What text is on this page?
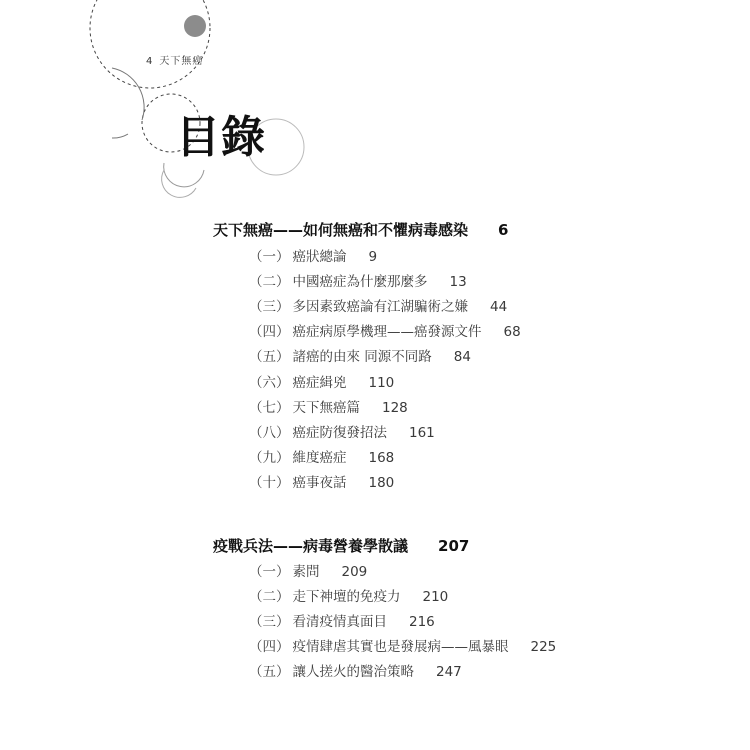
4 天下無癌
目錄
天下無癌——如何無癌和不懼病毒感染 6
（一） 癌狀總論 9
（二） 中國癌症為什麼那麼多 13
（三） 多因素致癌論有江湖騙術之嫌 44
（四） 癌症病原學機理——癌發源文件 68
（五） 諸癌的由來 同源不同路 84
（六） 癌症緝兇 110
（七） 天下無癌篇 128
（八） 癌症防復發招法 161
（九） 維度癌症 168
（十） 癌事夜話 180
疫戰兵法——病毒營養學散議 207
（一） 素問 209
（二） 走下神壇的免疫力 210
（三） 看清疫情真面目 216
（四） 疫情肆虐其實也是發展病——風暴眼 225
（五） 讓人搓火的醫治策略 247
